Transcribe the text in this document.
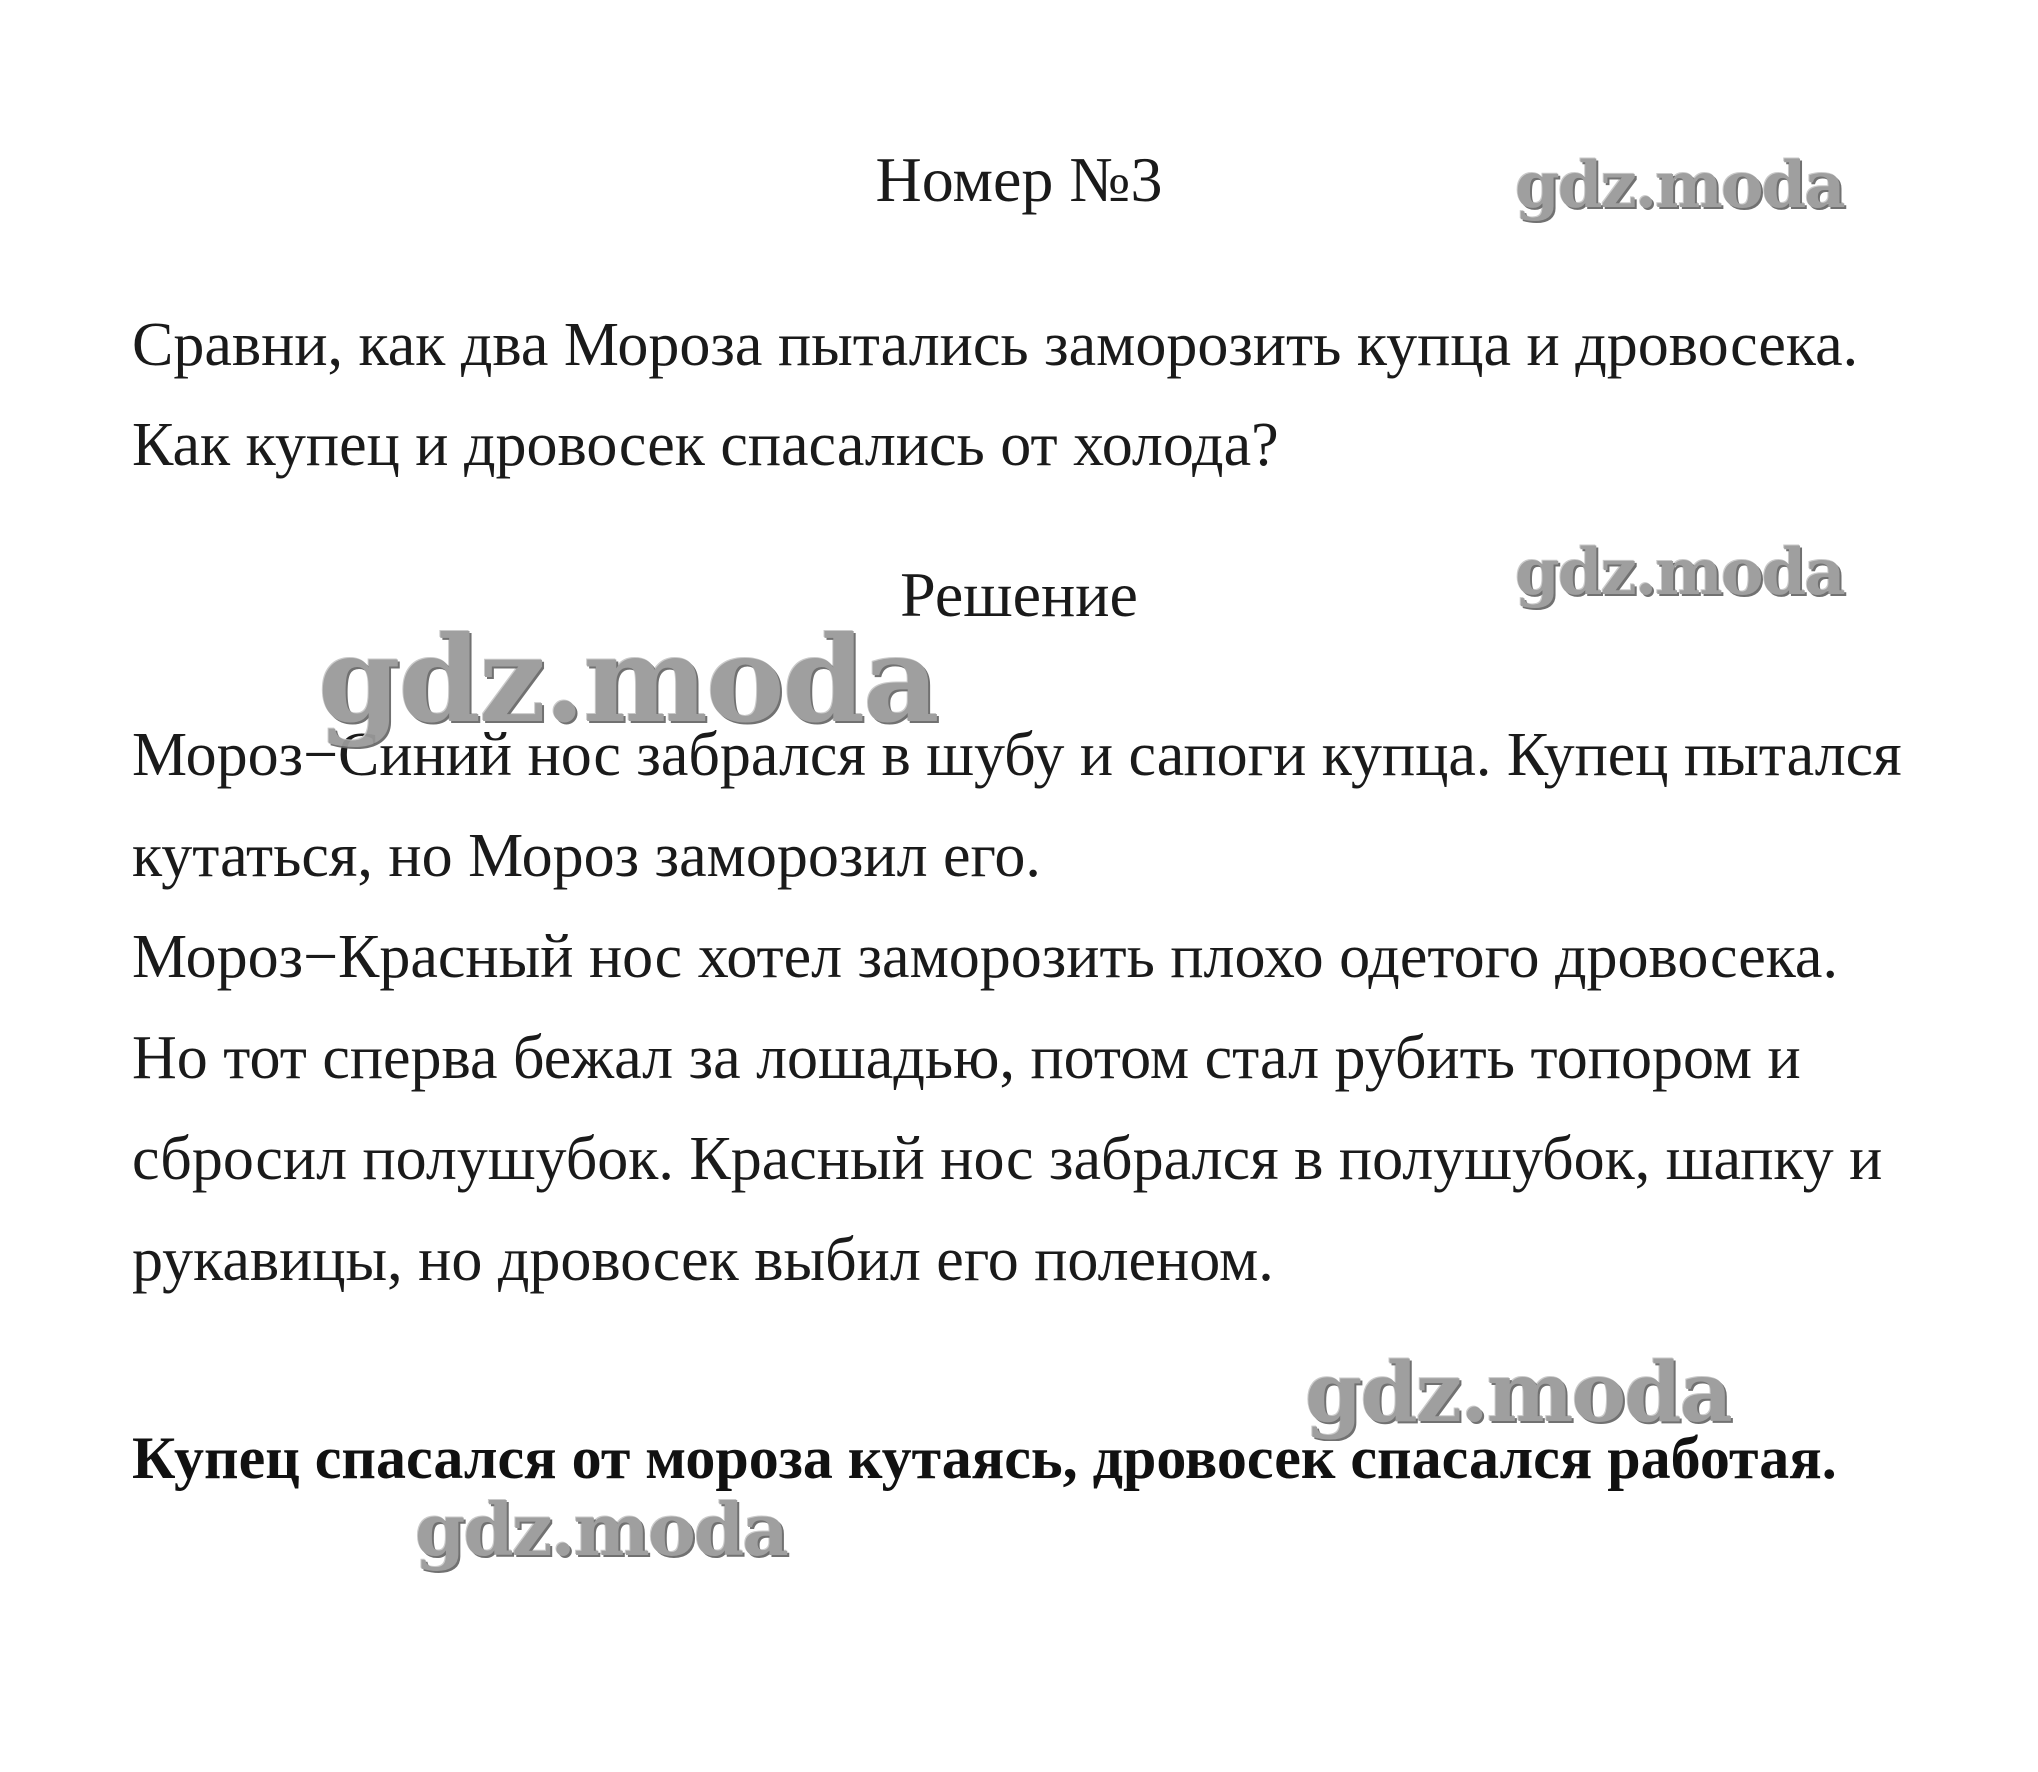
Номер №3
Сравни, как два Мороза пытались заморозить купца и дровосека. Как купец и дровосек спасались от холода?
Решение

Мороз−Синий нос забрался в шубу и сапоги купца. Купец пытался кутаться, но Мороз заморозил его.

Мороз−Красный нос хотел заморозить плохо одетого дровосека. Но тот сперва бежал за лошадью, потом стал рубить топором и сбросил полушубок. Красный нос забрался в полушубок, шапку и рукавицы, но дровосек выбил его поленом.

Купец спасался от мороза кутаясь, дровосек спасался работая.
gdz.moda
gdz.moda
gdz.moda
gdz.moda
gdz.moda
